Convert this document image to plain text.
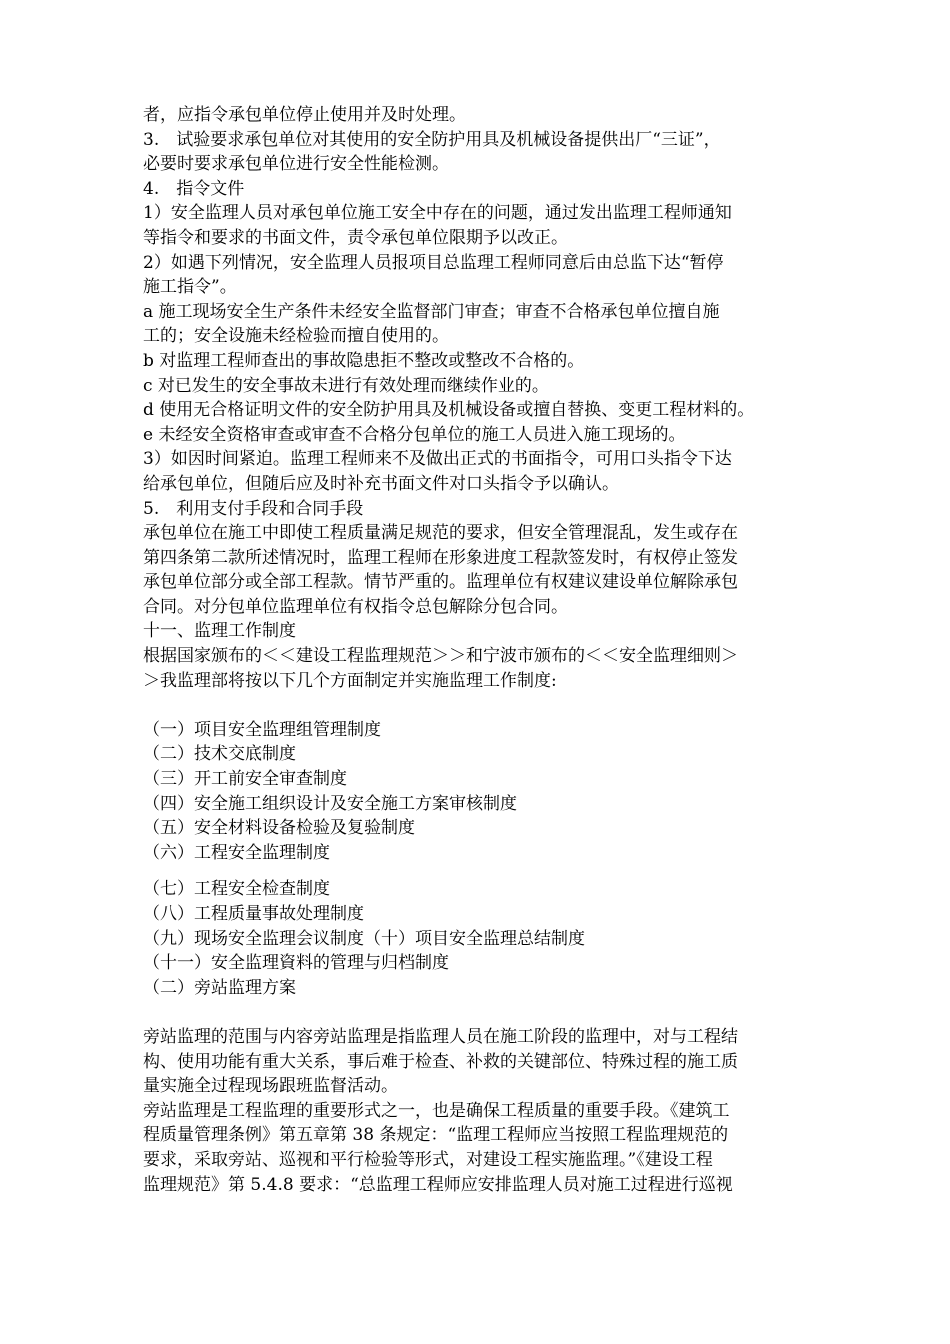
者，应指令承包单位停止使用并及时处理。
3.　试验要求承包单位对其使用的安全防护用具及机械设备提供出厂“三证”，
必要时要求承包单位进行安全性能检测。
4.　指令文件
1）安全监理人员对承包单位施工安全中存在的问题，通过发出监理工程师通知
等指令和要求的书面文件，责令承包单位限期予以改正。
2）如遇下列情况，安全监理人员报项目总监理工程师同意后由总监下达“暂停
施工指令”。
a 施工现场安全生产条件未经安全监督部门审查；审查不合格承包单位擅自施
工的；安全设施未经检验而擅自使用的。
b 对监理工程师查出的事故隐患拒不整改或整改不合格的。
c 对已发生的安全事故未进行有效处理而继续作业的。
d 使用无合格证明文件的安全防护用具及机械设备或擅自替换、变更工程材料的。
e 未经安全资格审查或审查不合格分包单位的施工人员进入施工现场的。
3）如因时间紧迫。监理工程师来不及做出正式的书面指令，可用口头指令下达
给承包单位，但随后应及时补充书面文件对口头指令予以确认。
5.　利用支付手段和合同手段
承包单位在施工中即使工程质量满足规范的要求，但安全管理混乱，发生或存在
第四条第二款所述情况时，监理工程师在形象进度工程款签发时，有权停止签发
承包单位部分或全部工程款。情节严重的。监理单位有权建议建设单位解除承包
合同。对分包单位监理单位有权指令总包解除分包合同。
十一、监理工作制度
根据国家颁布的＜＜建设工程监理规范＞＞和宁波市颁布的＜＜安全监理细则＞
＞我监理部将按以下几个方面制定并实施监理工作制度:
（一）项目安全监理组管理制度
（二）技术交底制度
（三）开工前安全审查制度
（四）安全施工组织设计及安全施工方案审核制度
（五）安全材料设备检验及复验制度
（六）工程安全监理制度
（七）工程安全检查制度
（八）工程质量事故处理制度
（九）现场安全监理会议制度（十）项目安全监理总结制度
（十一）安全监理資料的管理与归档制度
（二）旁站监理方案
旁站监理的范围与内容旁站监理是指监理人员在施工阶段的监理中，对与工程结
构、使用功能有重大关系，事后难于检查、补救的关键部位、特殊过程的施工质
量实施全过程现场跟班监督活动。
旁站监理是工程监理的重要形式之一，也是确保工程质量的重要手段。《建筑工
程质量管理条例》第五章第 38 条规定：“监理工程师应当按照工程监理规范的
要求，采取旁站、巡视和平行检验等形式，对建设工程实施监理。”《建设工程
监理规范》第 5.4.8 要求：“总监理工程师应安排监理人员对施工过程进行巡视
